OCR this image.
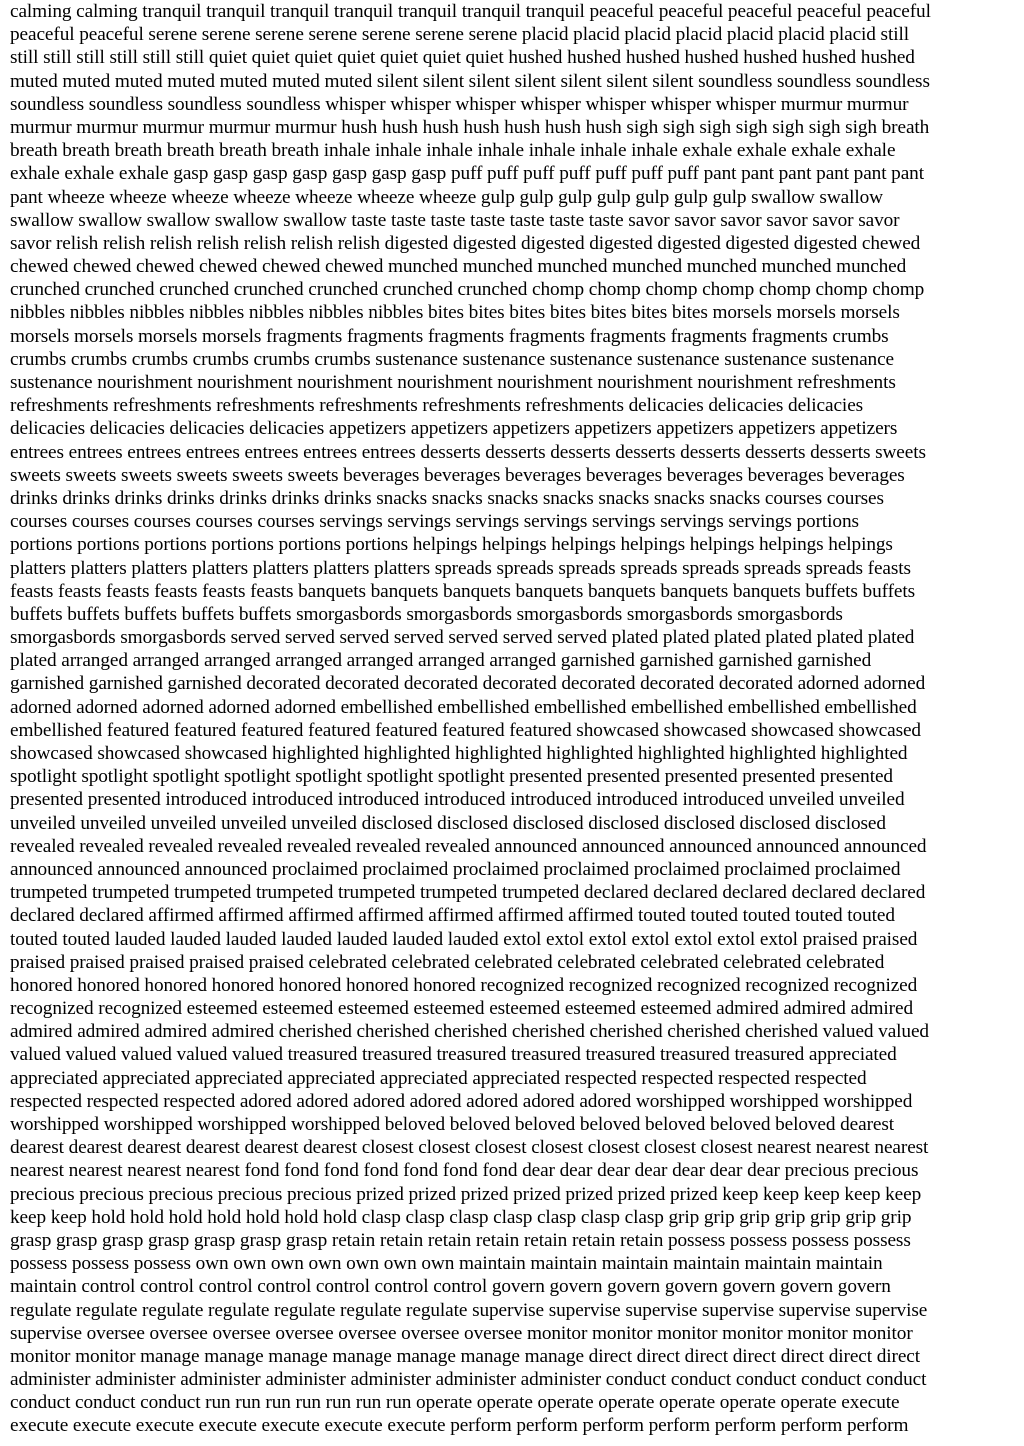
calming calming tranquil tranquil tranquil tranquil tranquil tranquil tranquil peaceful peaceful peaceful peaceful peaceful
peaceful peaceful serene serene serene serene serene serene serene placid placid placid placid placid placid placid still
still still still still still still quiet quiet quiet quiet quiet quiet quiet hushed hushed hushed hushed hushed hushed hushed
muted muted muted muted muted muted muted silent silent silent silent silent silent silent soundless soundless soundless
soundless soundless soundless soundless whisper whisper whisper whisper whisper whisper whisper murmur murmur
murmur murmur murmur murmur murmur hush hush hush hush hush hush hush sigh sigh sigh sigh sigh sigh sigh breath
breath breath breath breath breath breath inhale inhale inhale inhale inhale inhale inhale exhale exhale exhale exhale
exhale exhale exhale gasp gasp gasp gasp gasp gasp gasp puff puff puff puff puff puff puff pant pant pant pant pant pant
pant wheeze wheeze wheeze wheeze wheeze wheeze wheeze gulp gulp gulp gulp gulp gulp gulp swallow swallow
swallow swallow swallow swallow swallow taste taste taste taste taste taste taste savor savor savor savor savor savor
savor relish relish relish relish relish relish relish digested digested digested digested digested digested digested chewed
chewed chewed chewed chewed chewed chewed munched munched munched munched munched munched munched
crunched crunched crunched crunched crunched crunched crunched chomp chomp chomp chomp chomp chomp chomp
nibbles nibbles nibbles nibbles nibbles nibbles nibbles bites bites bites bites bites bites bites morsels morsels morsels
morsels morsels morsels morsels fragments fragments fragments fragments fragments fragments fragments crumbs
crumbs crumbs crumbs crumbs crumbs crumbs sustenance sustenance sustenance sustenance sustenance sustenance
sustenance nourishment nourishment nourishment nourishment nourishment nourishment nourishment refreshments
refreshments refreshments refreshments refreshments refreshments refreshments delicacies delicacies delicacies
delicacies delicacies delicacies delicacies appetizers appetizers appetizers appetizers appetizers appetizers appetizers
entrees entrees entrees entrees entrees entrees entrees desserts desserts desserts desserts desserts desserts desserts sweets
sweets sweets sweets sweets sweets sweets beverages beverages beverages beverages beverages beverages beverages
drinks drinks drinks drinks drinks drinks drinks snacks snacks snacks snacks snacks snacks snacks courses courses
courses courses courses courses courses servings servings servings servings servings servings servings portions
portions portions portions portions portions portions helpings helpings helpings helpings helpings helpings helpings
platters platters platters platters platters platters platters spreads spreads spreads spreads spreads spreads spreads feasts
feasts feasts feasts feasts feasts feasts banquets banquets banquets banquets banquets banquets banquets buffets buffets
buffets buffets buffets buffets buffets smorgasbords smorgasbords smorgasbords smorgasbords smorgasbords
smorgasbords smorgasbords served served served served served served served plated plated plated plated plated plated
plated arranged arranged arranged arranged arranged arranged arranged garnished garnished garnished garnished
garnished garnished garnished decorated decorated decorated decorated decorated decorated decorated adorned adorned
adorned adorned adorned adorned adorned embellished embellished embellished embellished embellished embellished
embellished featured featured featured featured featured featured featured showcased showcased showcased showcased
showcased showcased showcased highlighted highlighted highlighted highlighted highlighted highlighted highlighted
spotlight spotlight spotlight spotlight spotlight spotlight spotlight presented presented presented presented presented
presented presented introduced introduced introduced introduced introduced introduced introduced unveiled unveiled
unveiled unveiled unveiled unveiled unveiled disclosed disclosed disclosed disclosed disclosed disclosed disclosed
revealed revealed revealed revealed revealed revealed revealed announced announced announced announced announced
announced announced announced proclaimed proclaimed proclaimed proclaimed proclaimed proclaimed proclaimed
trumpeted trumpeted trumpeted trumpeted trumpeted trumpeted trumpeted declared declared declared declared declared
declared declared affirmed affirmed affirmed affirmed affirmed affirmed affirmed touted touted touted touted touted
touted touted lauded lauded lauded lauded lauded lauded lauded extol extol extol extol extol extol extol praised praised
praised praised praised praised praised celebrated celebrated celebrated celebrated celebrated celebrated celebrated
honored honored honored honored honored honored honored recognized recognized recognized recognized recognized
recognized recognized esteemed esteemed esteemed esteemed esteemed esteemed esteemed admired admired admired
admired admired admired admired cherished cherished cherished cherished cherished cherished cherished valued valued
valued valued valued valued valued treasured treasured treasured treasured treasured treasured treasured appreciated
appreciated appreciated appreciated appreciated appreciated appreciated respected respected respected respected
respected respected respected adored adored adored adored adored adored adored worshipped worshipped worshipped
worshipped worshipped worshipped worshipped beloved beloved beloved beloved beloved beloved beloved dearest
dearest dearest dearest dearest dearest dearest closest closest closest closest closest closest closest nearest nearest nearest
nearest nearest nearest nearest fond fond fond fond fond fond fond dear dear dear dear dear dear dear precious precious
precious precious precious precious precious prized prized prized prized prized prized prized keep keep keep keep keep
keep keep hold hold hold hold hold hold hold clasp clasp clasp clasp clasp clasp clasp grip grip grip grip grip grip grip
grasp grasp grasp grasp grasp grasp grasp retain retain retain retain retain retain retain possess possess possess possess
possess possess possess own own own own own own own maintain maintain maintain maintain maintain maintain
maintain control control control control control control control govern govern govern govern govern govern govern
regulate regulate regulate regulate regulate regulate regulate supervise supervise supervise supervise supervise supervise
supervise oversee oversee oversee oversee oversee oversee oversee monitor monitor monitor monitor monitor monitor
monitor monitor manage manage manage manage manage manage manage direct direct direct direct direct direct direct
administer administer administer administer administer administer administer conduct conduct conduct conduct conduct
conduct conduct conduct run run run run run run run operate operate operate operate operate operate operate execute
execute execute execute execute execute execute execute perform perform perform perform perform perform perform
